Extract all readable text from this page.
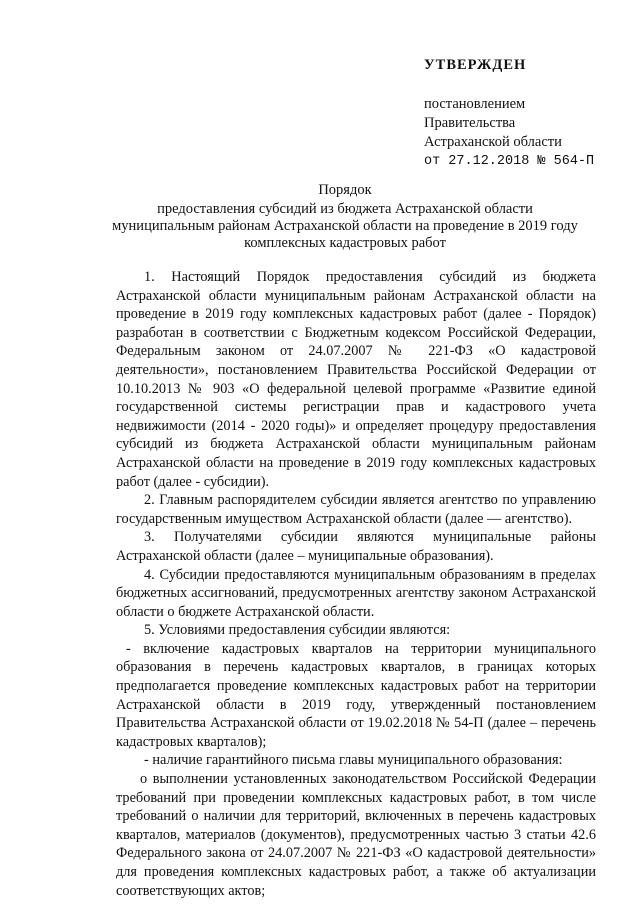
УТВЕРЖДЕН
постановлением
Правительства
Астраханской области
от 27.12.2018 № 564-П
Порядок
предоставления субсидий из бюджета Астраханской области муниципальным районам Астраханской области на проведение в 2019 году комплексных кадастровых работ

1. Настоящий Порядок предоставления субсидий из бюджета Астраханской области муниципальным районам Астраханской области на проведение в 2019 году комплексных кадастровых работ (далее - Порядок) разработан в соответствии с Бюджетным кодексом Российской Федерации, Федеральным законом от 24.07.2007 № 221-ФЗ «О кадастровой деятельности», постановлением Правительства Российской Федерации от 10.10.2013 № 903 «О федеральной целевой программе «Развитие единой государственной системы регистрации прав и кадастрового учета недвижимости (2014 - 2020 годы)» и определяет процедуру предоставления субсидий из бюджета Астраханской области муниципальным районам Астраханской области на проведение в 2019 году комплексных кадастровых работ (далее - субсидии).

2. Главным распорядителем субсидии является агентство по управлению государственным имуществом Астраханской области (далее — агентство).

3. Получателями субсидии являются муниципальные районы Астраханской области (далее – муниципальные образования).

4. Субсидии предоставляются муниципальным образованиям в пределах бюджетных ассигнований, предусмотренных агентству законом Астраханской области о бюджете Астраханской области.

5. Условиями предоставления субсидии являются:

- включение кадастровых кварталов на территории муниципального образования в перечень кадастровых кварталов, в границах которых предполагается проведение комплексных кадастровых работ на территории Астраханской области в 2019 году, утвержденный постановлением Правительства Астраханской области от 19.02.2018 № 54-П (далее – перечень кадастровых кварталов);

- наличие гарантийного письма главы муниципального образования:

о выполнении установленных законодательством Российской Федерации требований при проведении комплексных кадастровых работ, в том числе требований о наличии для территорий, включенных в перечень кадастровых кварталов, материалов (документов), предусмотренных частью 3 статьи 42.6 Федерального закона от 24.07.2007 № 221-ФЗ «О кадастровой деятельности» для проведения комплексных кадастровых работ, а также об актуализации соответствующих актов;
